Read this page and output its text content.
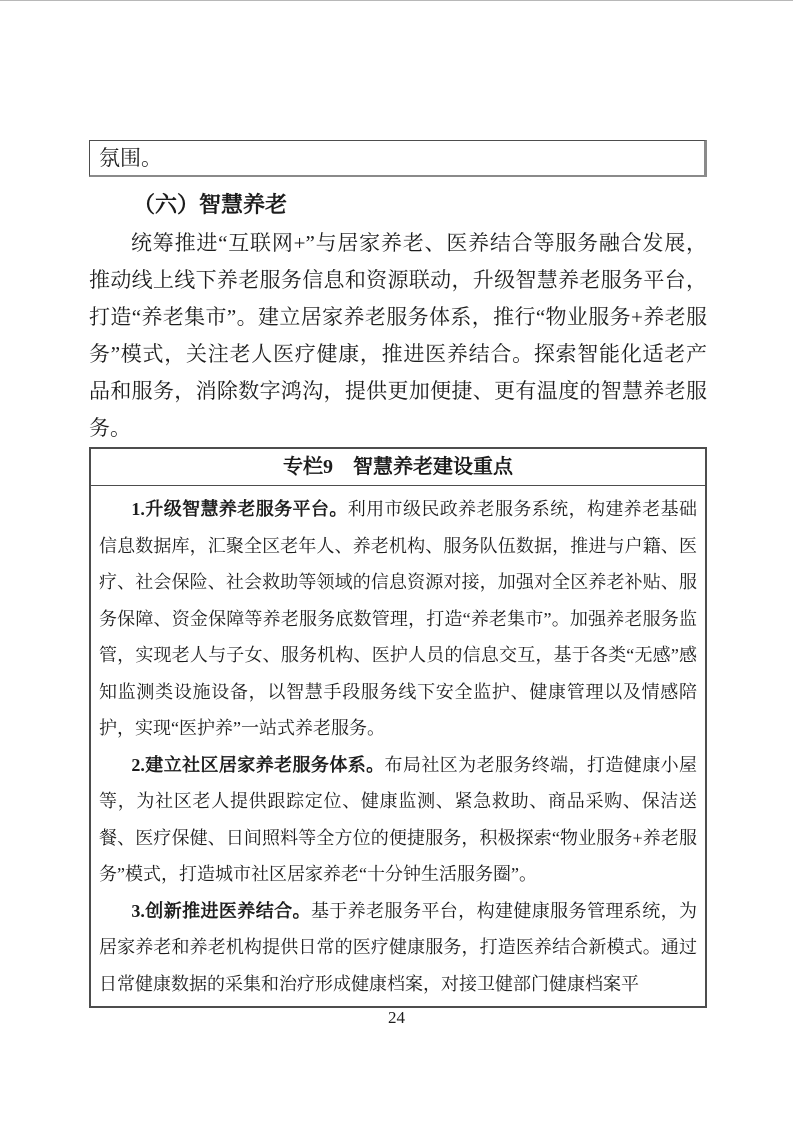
氛围。
（六）智慧养老

统筹推进“互联网+”与居家养老、医养结合等服务融合发展，推动线上线下养老服务信息和资源联动，升级智慧养老服务平台，打造“养老集市”。建立居家养老服务体系，推行“物业服务+养老服务”模式，关注老人医疗健康，推进医养结合。探索智能化适老产品和服务，消除数字鸿沟，提供更加便捷、更有温度的智慧养老服务。

专栏9　智慧养老建设重点

1.升级智慧养老服务平台。利用市级民政养老服务系统，构建养老基础信息数据库，汇聚全区老年人、养老机构、服务队伍数据，推进与户籍、医疗、社会保险、社会救助等领域的信息资源对接，加强对全区养老补贴、服务保障、资金保障等养老服务底数管理，打造“养老集市”。加强养老服务监管，实现老人与子女、服务机构、医护人员的信息交互，基于各类“无感”感知监测类设施设备，以智慧手段服务线下安全监护、健康管理以及情感陪护，实现“医护养”一站式养老服务。

2.建立社区居家养老服务体系。布局社区为老服务终端，打造健康小屋等，为社区老人提供跟踪定位、健康监测、紧急救助、商品采购、保洁送餐、医疗保健、日间照料等全方位的便捷服务，积极探索“物业服务+养老服务”模式，打造城市社区居家养老“十分钟生活服务圈”。

3.创新推进医养结合。基于养老服务平台，构建健康服务管理系统，为居家养老和养老机构提供日常的医疗健康服务，打造医养结合新模式。通过日常健康数据的采集和治疗形成健康档案，对接卫健部门健康档案平

24
